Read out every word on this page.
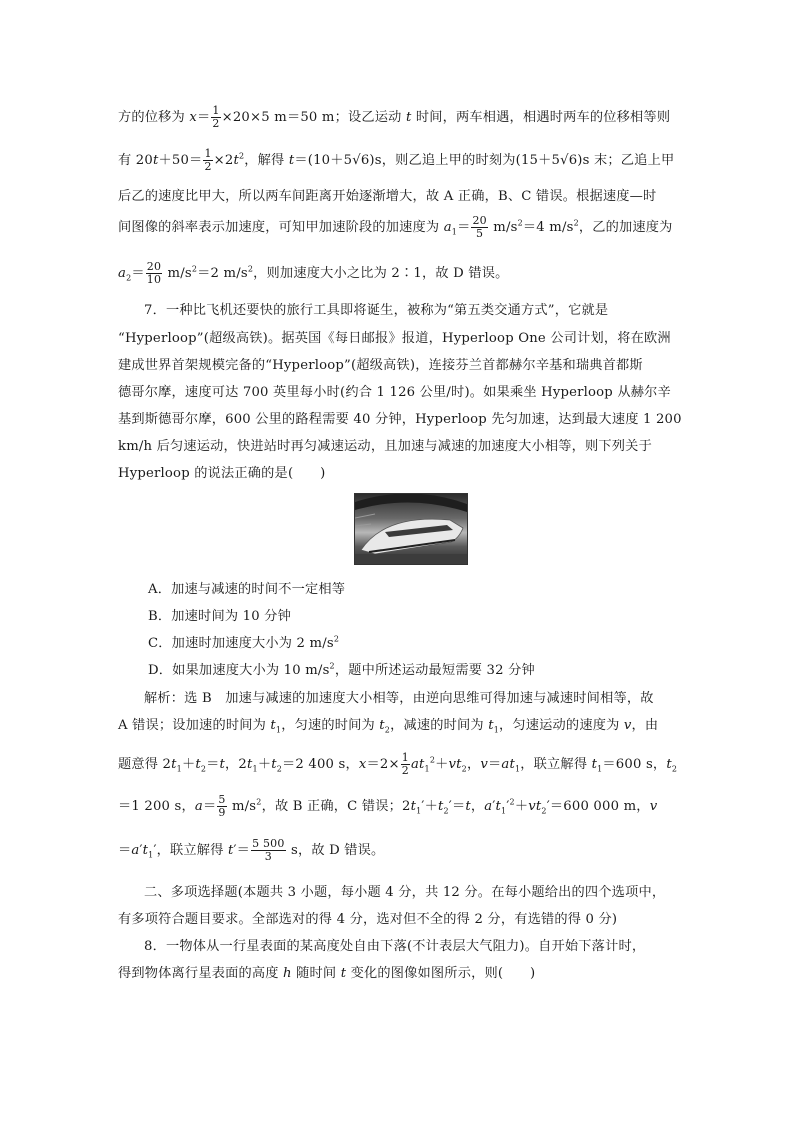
方的位移为 $x= \frac{1}{2} \times 20\times 5$ m＝50 m；设乙运动 t 时间，两车相遇，相遇时两车的位移相等则
有 $20t+50= \frac{1}{2} \times 2t^2$，解得 t＝(10＋5√6)s，则乙追上甲的时刻为(15＋5√6)s 末；乙追上甲
后乙的速度比甲大，所以两车间距离开始逐渐增大，故 A 正确，B、C 错误。根据速度—时
间图像的斜率表示加速度，可知甲加速阶段的加速度为 $a_1= \frac{20}{5} m/s^2=4$ $m/s^2$，乙的加速度为
$a_2= \frac{20}{10} m/s^2=2$ $m/s^2$，则加速度大小之比为 2∶1，故 D 错误。
7．一种比飞机还要快的旅行工具即将诞生，被称为“第五类交通方式”，它就是
“Hyperloop”(超级高铁)。据英国《每日邮报》报道，Hyperloop One 公司计划，将在欧洲
建成世界首架规模完备的“Hyperloop”(超级高铁)，连接芬兰首都赫尔辛基和瑞典首都斯
德哥尔摩，速度可达 700 英里每小时(约合 1 126 公里/时)。如果乘坐 Hyperloop 从赫尔辛
基到斯德哥尔摩，600 公里的路程需要 40 分钟，Hyperloop 先匀加速，达到最大速度 1 200
km/h 后匀速运动，快进站时再匀减速运动，且加速与减速的加速度大小相等，则下列关于
Hyperloop 的说法正确的是(　　)
A．加速与减速的时间不一定相等
B．加速时间为 10 分钟
C．加速时加速度大小为 2 $m/s^2$
D．如果加速度大小为 10 $m/s^2$，题中所述运动最短需要 32 分钟
解析：选 B　加速与减速的加速度大小相等，由逆向思维可得加速与减速时间相等，故
A 错误；设加速的时间为 $t_1$，匀速的时间为 $t_2$，减速的时间为 $t_1$，匀速运动的速度为 v，由
题意得 $2t_1+t_2=t$，$2t_1+t_2=2$ 400 s，$x=2\times \frac{1}{2} at_1^2+vt_2$，$v=at_1$，联立解得 $t_1=600$ s，$t_2$
＝1 200 s，$a= \frac{5}{9} m/s^2$，故 B 正确，C 错误；$2t_1'+t_2'=t$，$a't_1'^2+vt_2'=600$ 000 m，v
$=a't_1'$，联立解得 $t'= \frac{5 500}{3}$ s，故 D 错误。
二、多项选择题(本题共 3 小题，每小题 4 分，共 12 分。在每小题给出的四个选项中，
有多项符合题目要求。全部选对的得 4 分，选对但不全的得 2 分，有选错的得 0 分)
8．一物体从一行星表面的某高度处自由下落(不计表层大气阻力)。自开始下落计时，
得到物体离行星表面的高度 h 随时间 t 变化的图像如图所示，则(　　)
